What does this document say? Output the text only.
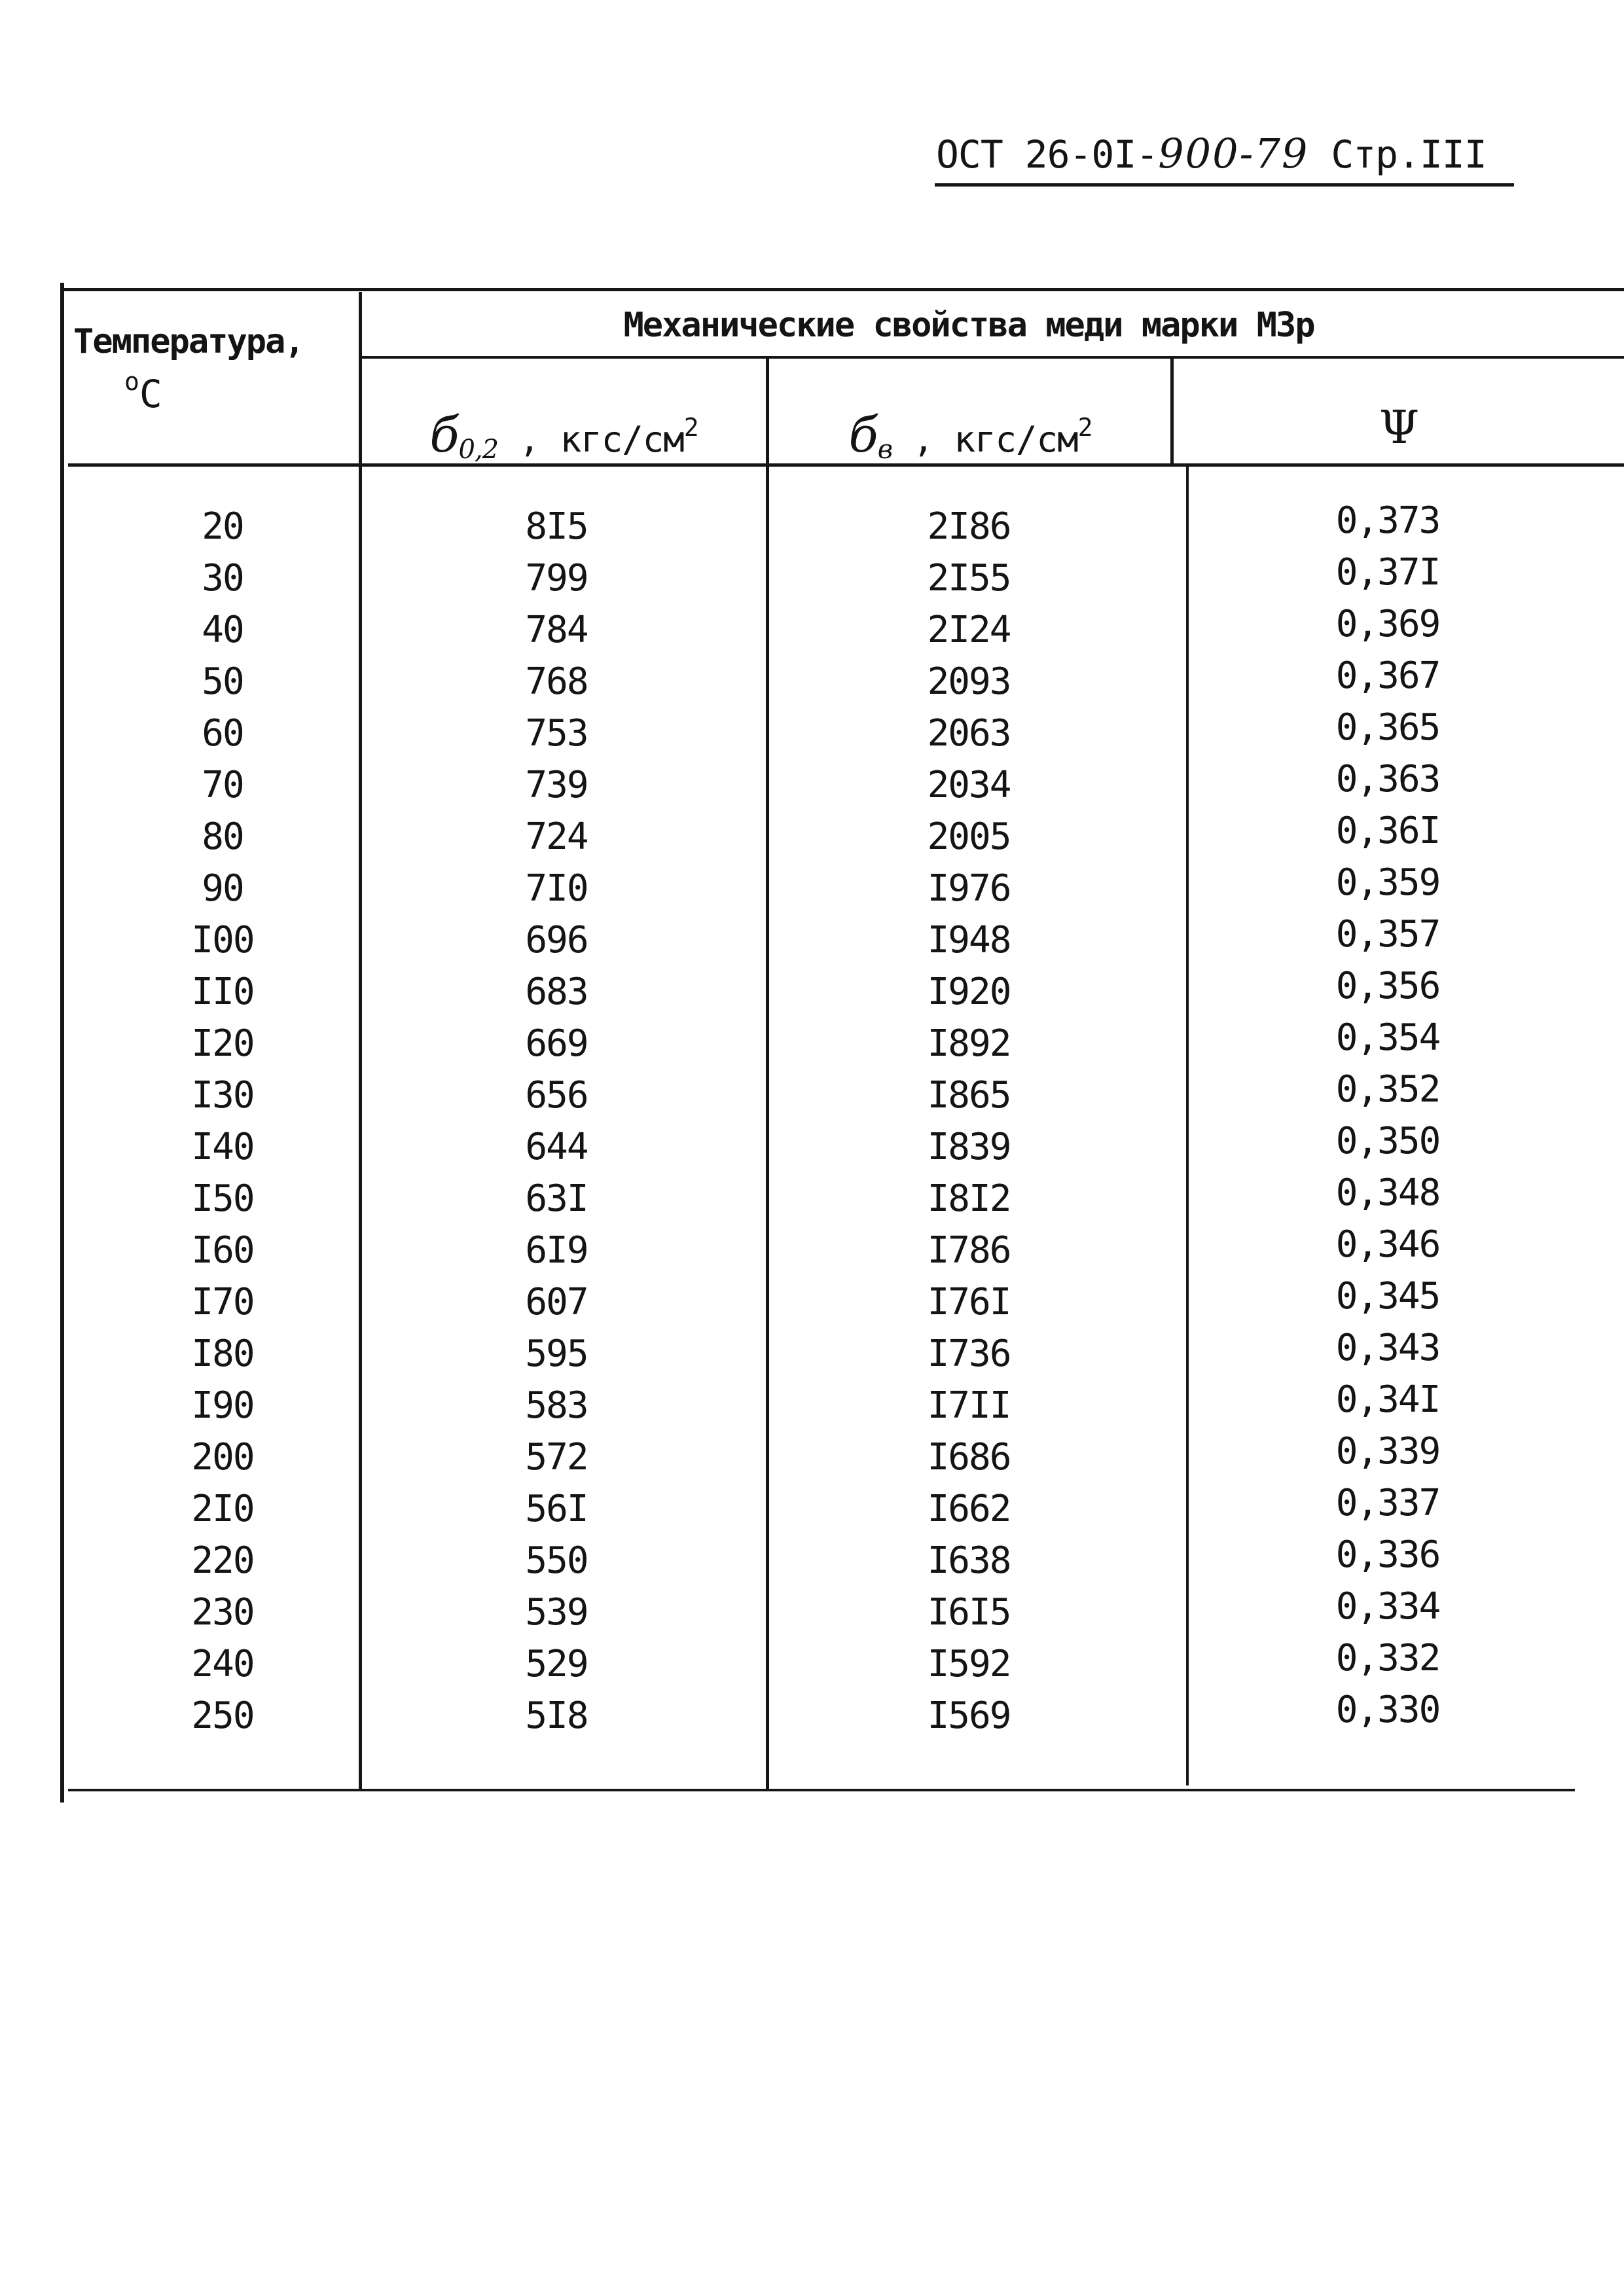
ОСТ 26-0I-900-79 Стр.III
Температура,
$^о$С
Механические свойства меди марки МЗр
$б_{0,2}$ , кгс/$см^2$	$б_в$ , кгс/$см^2$	Ψ
20
30
40
50
60
70
80
90
I00
II0
I20
I30
I40
I50
I60
I70
I80
I90
200
2I0
220
230
240
250
8I5
799
784
768
753
739
724
7I0
696
683
669
656
644
63I
6I9
607
595
583
572
56I
550
539
529
5I8
2I86
2I55
2I24
2093
2063
2034
2005
I976
I948
I920
I892
I865
I839
I8I2
I786
I76I
I736
I7II
I686
I662
I638
I6I5
I592
I569
0,373
0,37I
0,369
0,367
0,365
0,363
0,36I
0,359
0,357
0,356
0,354
0,352
0,350
0,348
0,346
0,345
0,343
0,34I
0,339
0,337
0,336
0,334
0,332
0,330
